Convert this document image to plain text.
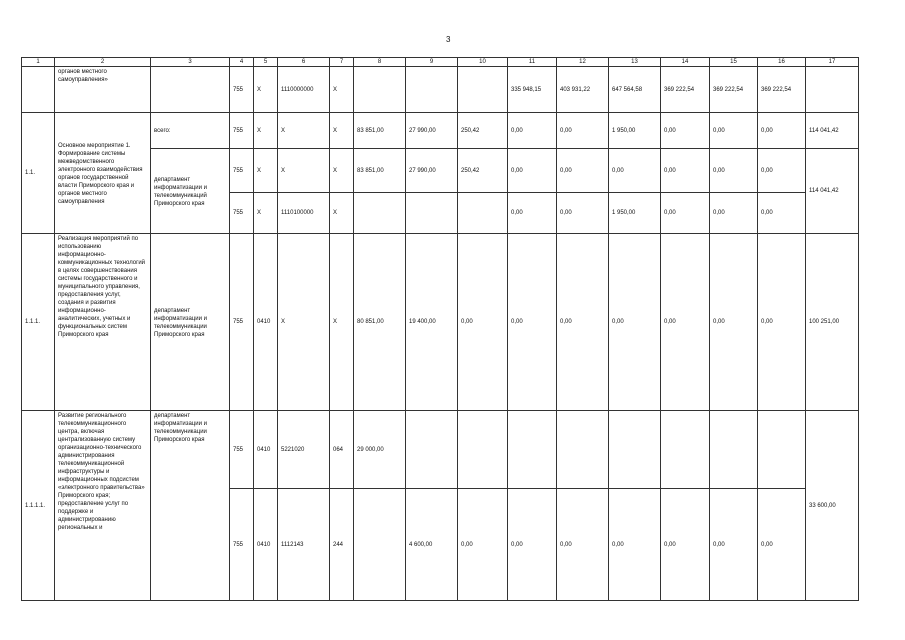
3
1	2	3	4	5	6	7	8	9	10	11	12	13	14	15	16	17
	органов местного самоуправления»		755	Х	1110000000	Х				335 948,15	403 931,22	647 564,58	369 222,54	369 222,54	369 222,54	
1.1.	Основное мероприятие 1. Формирование системы межведомственного электронного взаимодействия органов государственной власти Приморского края и органов местного самоуправления	всего:	755	Х	Х	Х	83 851,00	27 990,00	250,42	0,00	0,00	1 950,00	0,00	0,00	0,00	114 041,42
		департамент информатизации и телекоммуникаций Приморского края	755	Х	Х	Х	83 851,00	27 990,00	250,42	0,00	0,00	0,00	0,00	0,00	0,00	114 041,42
			755	Х	1110100000	Х				0,00	0,00	1 950,00	0,00	0,00	0,00	
1.1.1.	Реализация мероприятий по использованию информационно-коммуникационных технологий в целях совершенствования системы государственного и муниципального управления, предоставления услуг, создания и развития информационно-аналитических, учетных и функциональных систем Приморского края	департамент информатизации и телекоммуникации Приморского края	755	0410	Х	Х	80 851,00	19 400,00	0,00	0,00	0,00	0,00	0,00	0,00	0,00	100 251,00
1.1.1.1.	Развитие регионального телекоммуникационного центра, включая централизованную систему организационно-технического администрирования телекоммуникационной инфраструктуры и информационных подсистем «электронного правительства» Приморского края; предоставление услуг по поддержке и администрированию региональных и	департамент информатизации и телекоммуникации Приморского края	755	0410	5221020	064	29 000,00									33 600,00
			755	0410	1112143	244		4 600,00	0,00	0,00	0,00	0,00	0,00	0,00	0,00	
